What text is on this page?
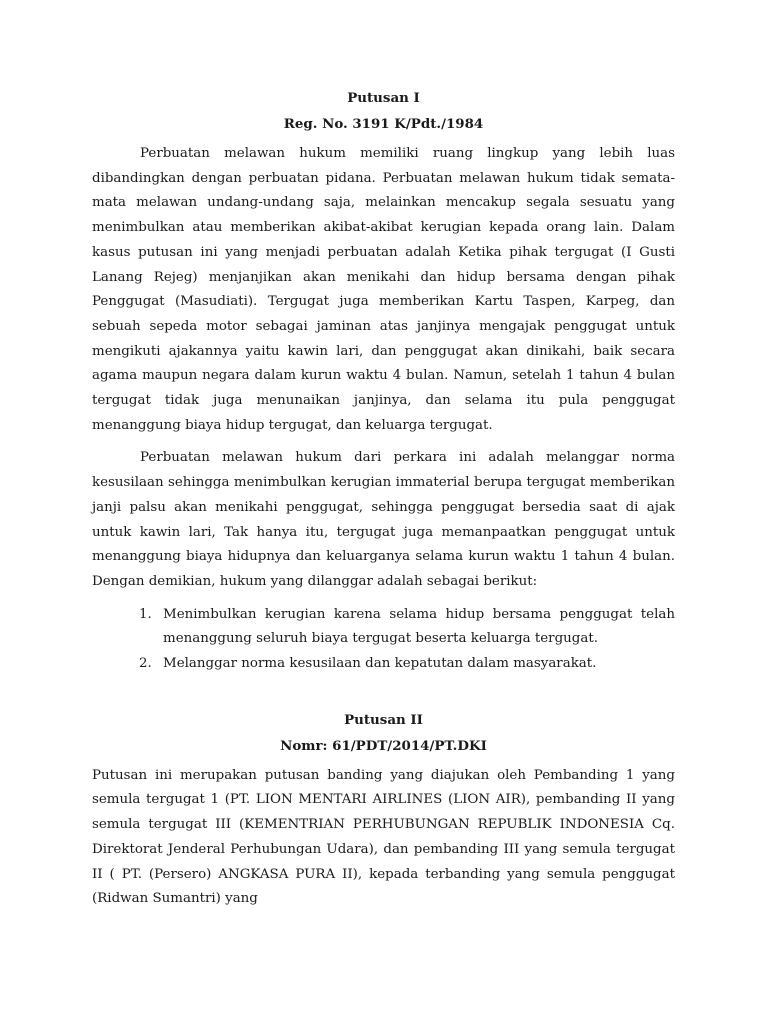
Putusan I

Reg. No. 3191 K/Pdt./1984

Perbuatan melawan hukum memiliki ruang lingkup yang lebih luas dibandingkan dengan perbuatan pidana. Perbuatan melawan hukum tidak semata-mata melawan undang-undang saja, melainkan mencakup segala sesuatu yang menimbulkan atau memberikan akibat-akibat kerugian kepada orang lain. Dalam kasus putusan ini yang menjadi perbuatan adalah Ketika pihak tergugat (I Gusti Lanang Rejeg) menjanjikan akan menikahi dan hidup bersama dengan pihak Penggugat (Masudiati). Tergugat juga memberikan Kartu Taspen, Karpeg, dan sebuah sepeda motor sebagai jaminan atas janjinya mengajak penggugat untuk mengikuti ajakannya yaitu kawin lari, dan penggugat akan dinikahi, baik secara agama maupun negara dalam kurun waktu 4 bulan. Namun, setelah 1 tahun 4 bulan tergugat tidak juga menunaikan janjinya, dan selama itu pula penggugat menanggung biaya hidup tergugat, dan keluarga tergugat.

Perbuatan melawan hukum dari perkara ini adalah melanggar norma kesusilaan sehingga menimbulkan kerugian immaterial berupa tergugat memberikan janji palsu akan menikahi penggugat, sehingga penggugat bersedia saat di ajak untuk kawin lari, Tak hanya itu, tergugat juga memanpaatkan penggugat untuk menanggung biaya hidupnya dan keluarganya selama kurun waktu 1 tahun 4 bulan. Dengan demikian, hukum yang dilanggar adalah sebagai berikut:

1. Menimbulkan kerugian karena selama hidup bersama penggugat telah menanggung seluruh biaya tergugat beserta keluarga tergugat.
2. Melanggar norma kesusilaan dan kepatutan dalam masyarakat.

Putusan II

Nomr: 61/PDT/2014/PT.DKI

Putusan ini merupakan putusan banding yang diajukan oleh Pembanding 1 yang semula tergugat 1 (PT. LION MENTARI AIRLINES (LION AIR), pembanding II yang semula tergugat III (KEMENTRIAN PERHUBUNGAN REPUBLIK INDONESIA Cq. Direktorat Jenderal Perhubungan Udara), dan pembanding III yang semula tergugat II ( PT. (Persero) ANGKASA PURA II), kepada terbanding yang semula penggugat (Ridwan Sumantri) yang
